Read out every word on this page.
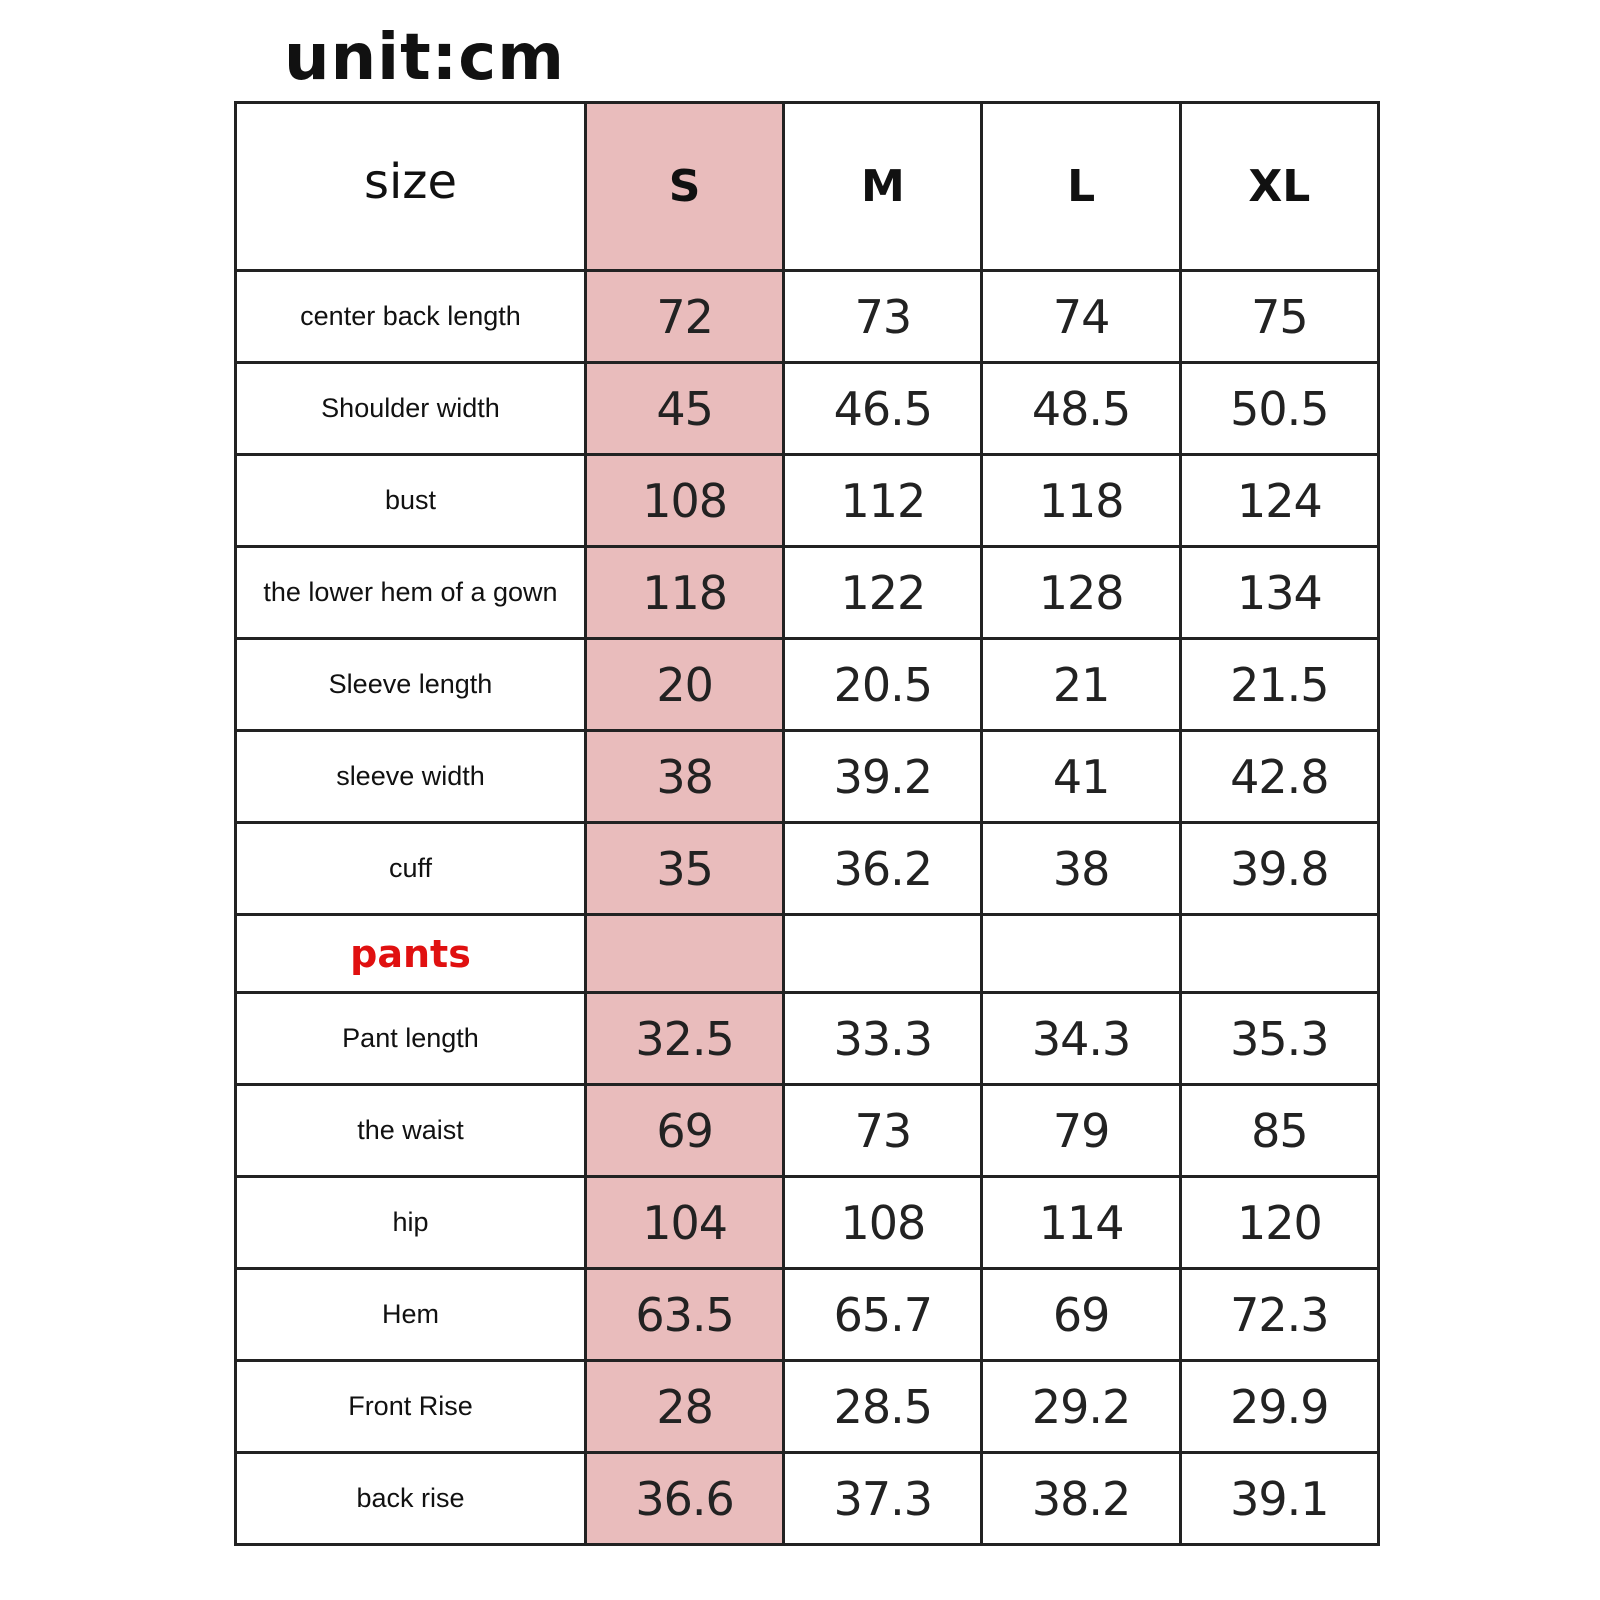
unit:cm
size	S	M	L	XL
center back length	72	73	74	75
Shoulder width	45	46.5	48.5	50.5
bust	108	112	118	124
the lower hem of a gown	118	122	128	134
Sleeve length	20	20.5	21	21.5
sleeve width	38	39.2	41	42.8
cuff	35	36.2	38	39.8
pants				
Pant length	32.5	33.3	34.3	35.3
the waist	69	73	79	85
hip	104	108	114	120
Hem	63.5	65.7	69	72.3
Front Rise	28	28.5	29.2	29.9
back rise	36.6	37.3	38.2	39.1
